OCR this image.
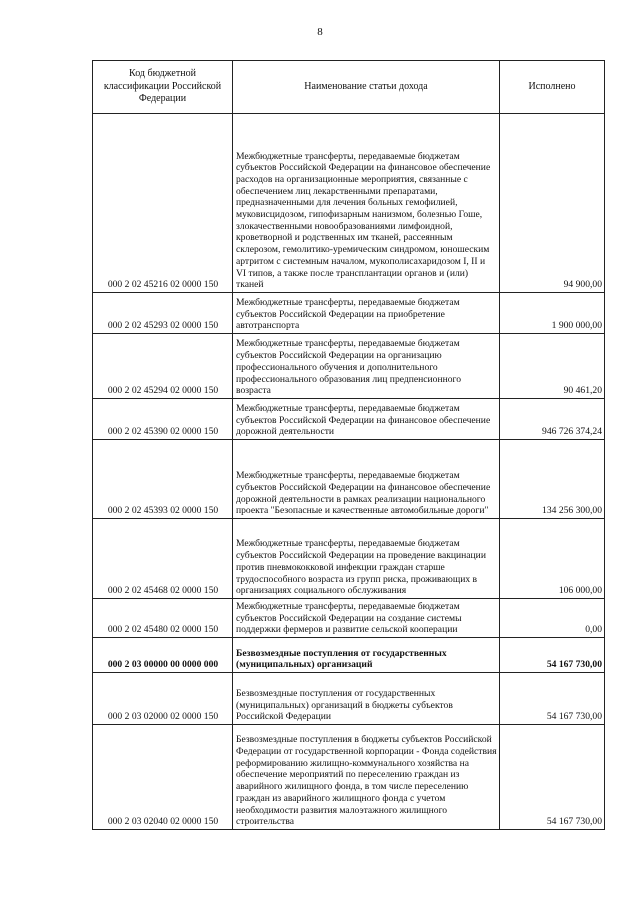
8
Код бюджетной классификации Российской Федерации	Наименование статьи дохода	Исполнено
000 2 02 45216 02 0000 150	Межбюджетные трансферты, передаваемые бюджетам субъектов Российской Федерации на финансовое обеспечение расходов на организационные мероприятия, связанные с обеспечением лиц лекарственными препаратами, предназначенными для лечения больных гемофилией, муковисцидозом, гипофизарным нанизмом, болезнью Гоше, злокачественными новообразованиями лимфоидной, кроветворной и родственных им тканей, рассеянным склерозом, гемолитико-уремическим синдромом, юношеским артритом с системным началом, мукополисахаридозом I, II и VI типов, а также после трансплантации органов и (или) тканей	94 900,00
000 2 02 45293 02 0000 150	Межбюджетные трансферты, передаваемые бюджетам субъектов Российской Федерации на приобретение автотранспорта	1 900 000,00
000 2 02 45294 02 0000 150	Межбюджетные трансферты, передаваемые бюджетам субъектов Российской Федерации на организацию профессионального обучения и дополнительного профессионального образования лиц предпенсионного возраста	90 461,20
000 2 02 45390 02 0000 150	Межбюджетные трансферты, передаваемые бюджетам субъектов Российской Федерации на финансовое обеспечение дорожной деятельности	946 726 374,24
000 2 02 45393 02 0000 150	Межбюджетные трансферты, передаваемые бюджетам субъектов Российской Федерации на финансовое обеспечение дорожной деятельности в рамках реализации национального проекта "Безопасные и качественные автомобильные дороги"	134 256 300,00
000 2 02 45468 02 0000 150	Межбюджетные трансферты, передаваемые бюджетам субъектов Российской Федерации на проведение вакцинации против пневмококковой инфекции граждан старше трудоспособного возраста из групп риска, проживающих в организациях социального обслуживания	106 000,00
000 2 02 45480 02 0000 150	Межбюджетные трансферты, передаваемые бюджетам субъектов Российской Федерации на создание системы поддержки фермеров и развитие сельской кооперации	0,00
000 2 03 00000 00 0000 000	Безвозмездные поступления от государственных (муниципальных) организаций	54 167 730,00
000 2 03 02000 02 0000 150	Безвозмездные поступления от государственных (муниципальных) организаций в бюджеты субъектов Российской Федерации	54 167 730,00
000 2 03 02040 02 0000 150	Безвозмездные поступления в бюджеты субъектов Российской Федерации от государственной корпорации - Фонда содействия реформированию жилищно-коммунального хозяйства на обеспечение мероприятий по переселению граждан из аварийного жилищного фонда, в том числе переселению граждан из аварийного жилищного фонда с учетом необходимости развития малоэтажного жилищного строительства	54 167 730,00
